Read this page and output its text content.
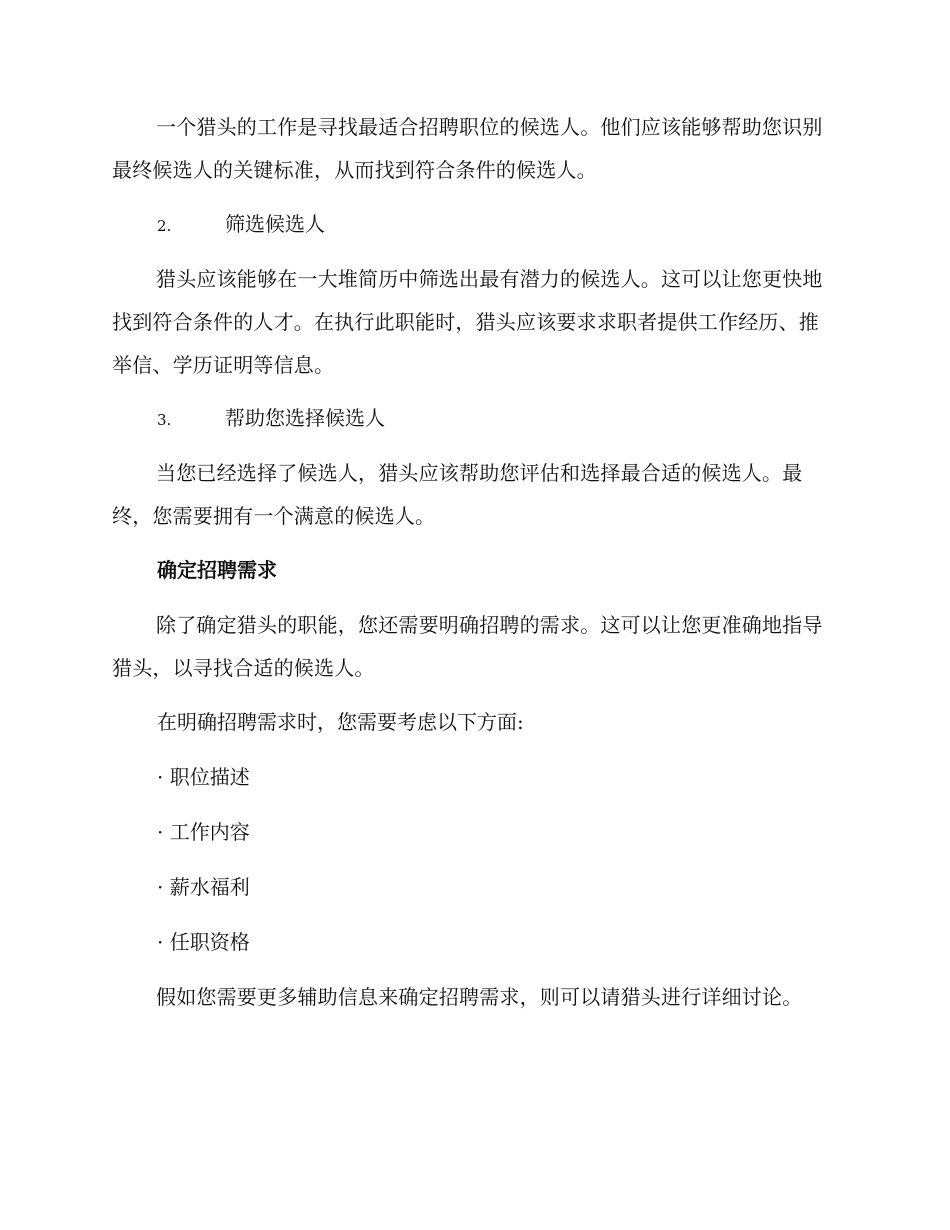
一个猎头的工作是寻找最适合招聘职位的候选人。他们应该能够帮助您识别最终候选人的关键标准，从而找到符合条件的候选人。

2.	筛选候选人

猎头应该能够在一大堆简历中筛选出最有潜力的候选人。这可以让您更快地找到符合条件的人才。在执行此职能时，猎头应该要求求职者提供工作经历、推举信、学历证明等信息。

3.	帮助您选择候选人

当您已经选择了候选人，猎头应该帮助您评估和选择最合适的候选人。最终，您需要拥有一个满意的候选人。

确定招聘需求

除了确定猎头的职能，您还需要明确招聘的需求。这可以让您更准确地指导猎头，以寻找合适的候选人。

在明确招聘需求时，您需要考虑以下方面:

· 职位描述

· 工作内容

· 薪水福利

· 任职资格

假如您需要更多辅助信息来确定招聘需求，则可以请猎头进行详细讨论。
